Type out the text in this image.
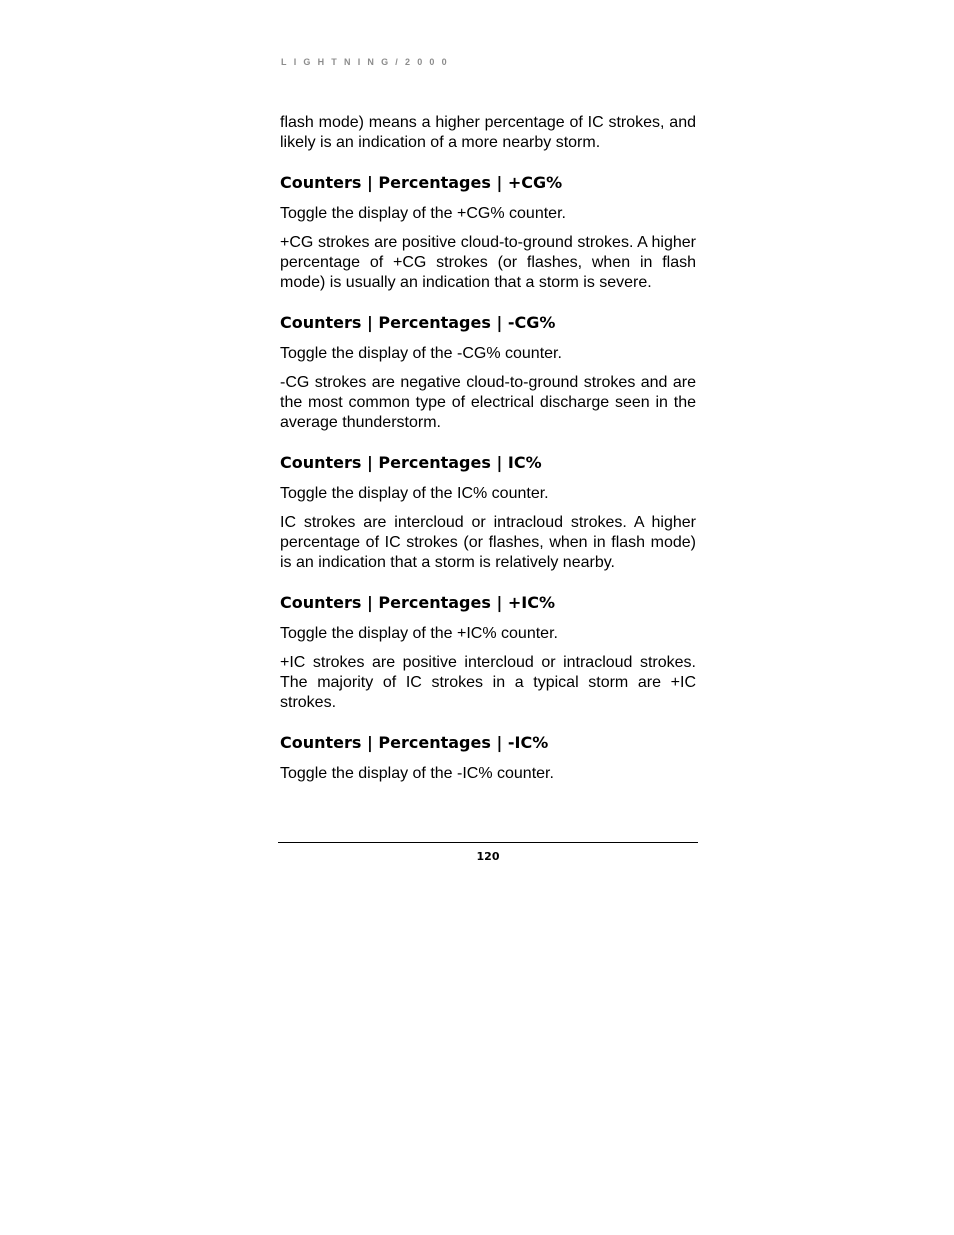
LIGHTNING/2000

flash mode) means a higher percentage of IC strokes, and likely is an indication of a more nearby storm.

Counters | Percentages | +CG%

Toggle the display of the +CG% counter.

+CG strokes are positive cloud-to-ground strokes. A higher percentage of +CG strokes (or flashes, when in flash mode) is usually an indication that a storm is severe.

Counters | Percentages | -CG%

Toggle the display of the -CG% counter.

-CG strokes are negative cloud-to-ground strokes and are the most common type of electrical discharge seen in the average thunderstorm.

Counters | Percentages | IC%

Toggle the display of the IC% counter.

IC strokes are intercloud or intracloud strokes. A higher percentage of IC strokes (or flashes, when in flash mode) is an indication that a storm is relatively nearby.

Counters | Percentages | +IC%

Toggle the display of the +IC% counter.

+IC strokes are positive intercloud or intracloud strokes. The majority of IC strokes in a typical storm are +IC strokes.

Counters | Percentages | -IC%

Toggle the display of the -IC% counter.

120
